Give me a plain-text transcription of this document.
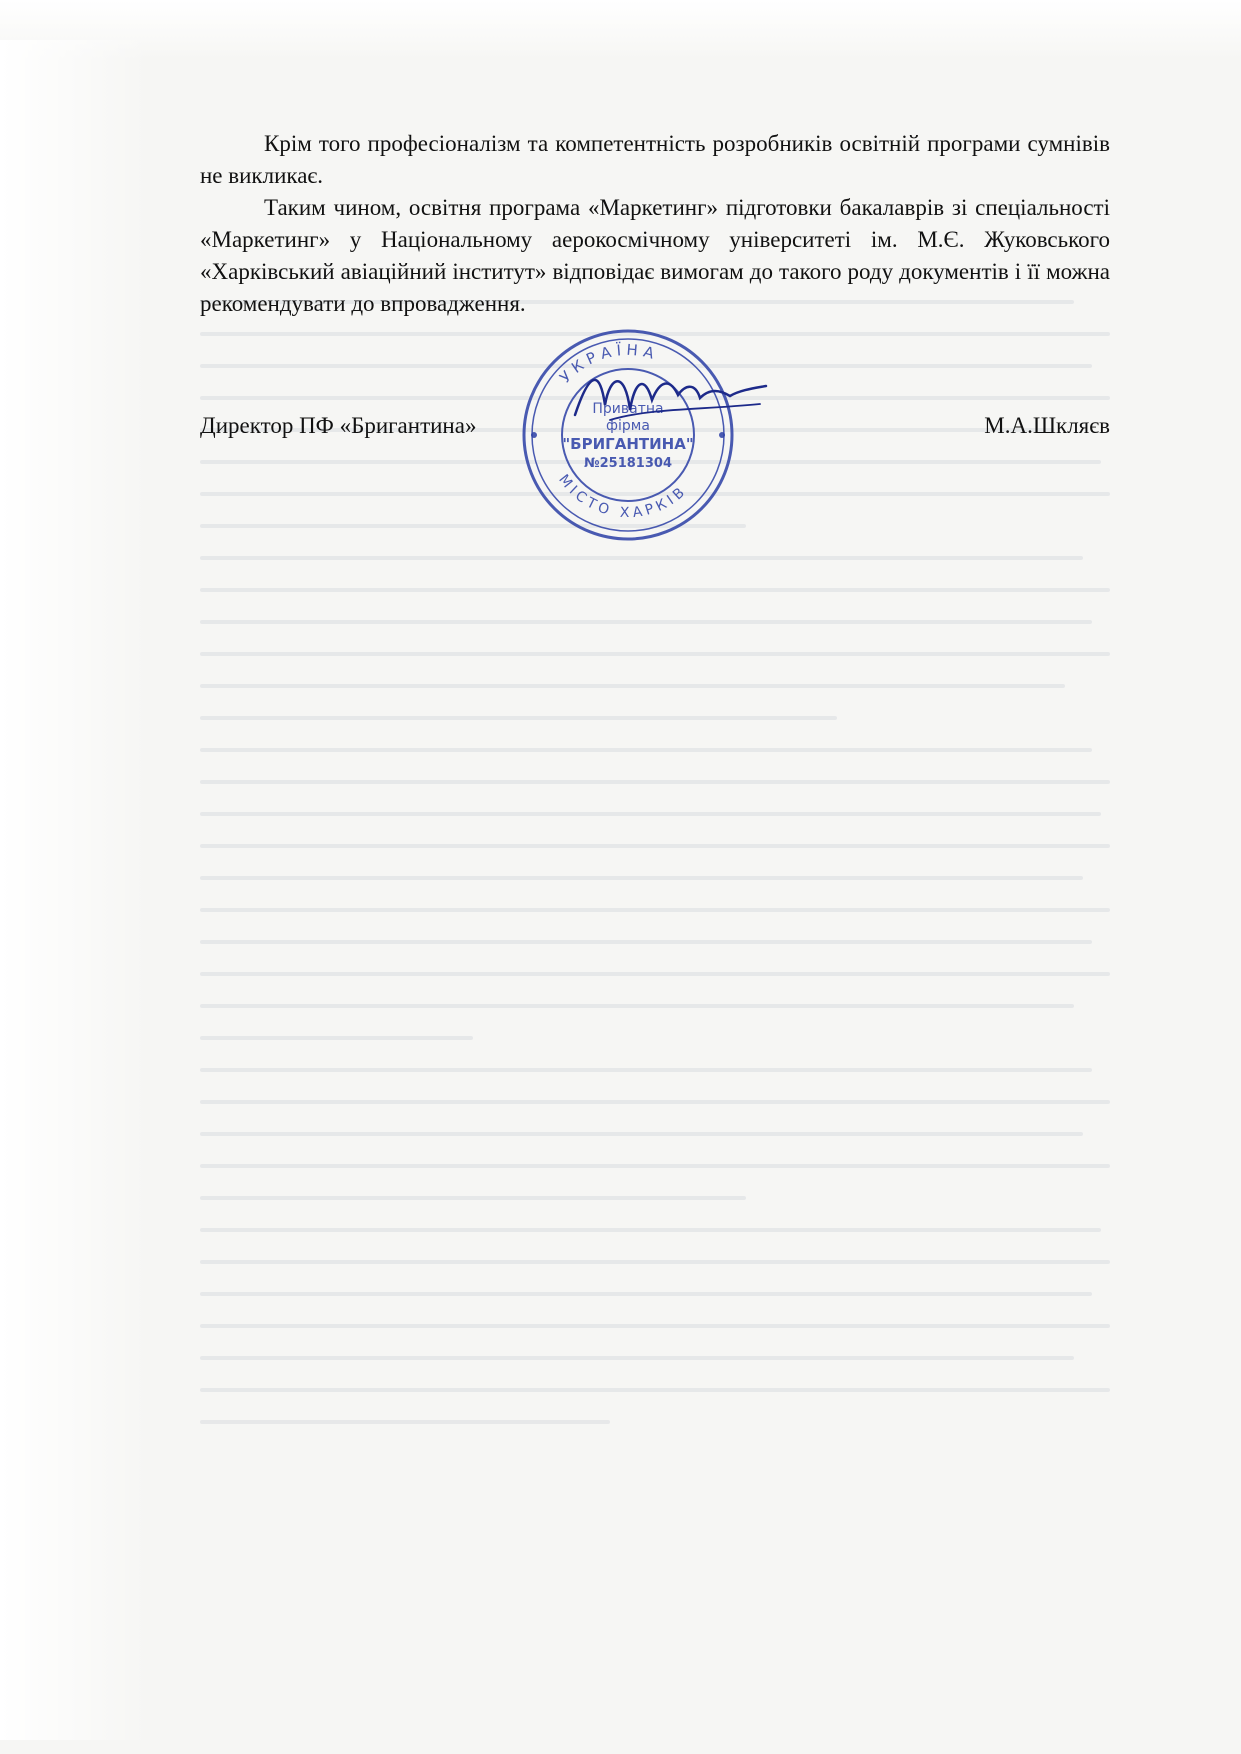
Крім того професіоналізм та компетентність розробників освітній програми сумнівів не викликає.

Таким чином, освітня програма «Маркетинг» підготовки бакалаврів зі спеціальності «Маркетинг» у Національному аерокосмічному університеті ім. М.Є. Жуковського «Харківський авіаційний інститут» відповідає вимогам до такого роду документів і її можна рекомендувати до впровадження.

Директор ПФ «Бригантина»	М.А.Шкляєв
УКРАЇНА
МІСТО ХАРКІВ
Приватна
фірма
"БРИГАНТИНА"
№25181304
